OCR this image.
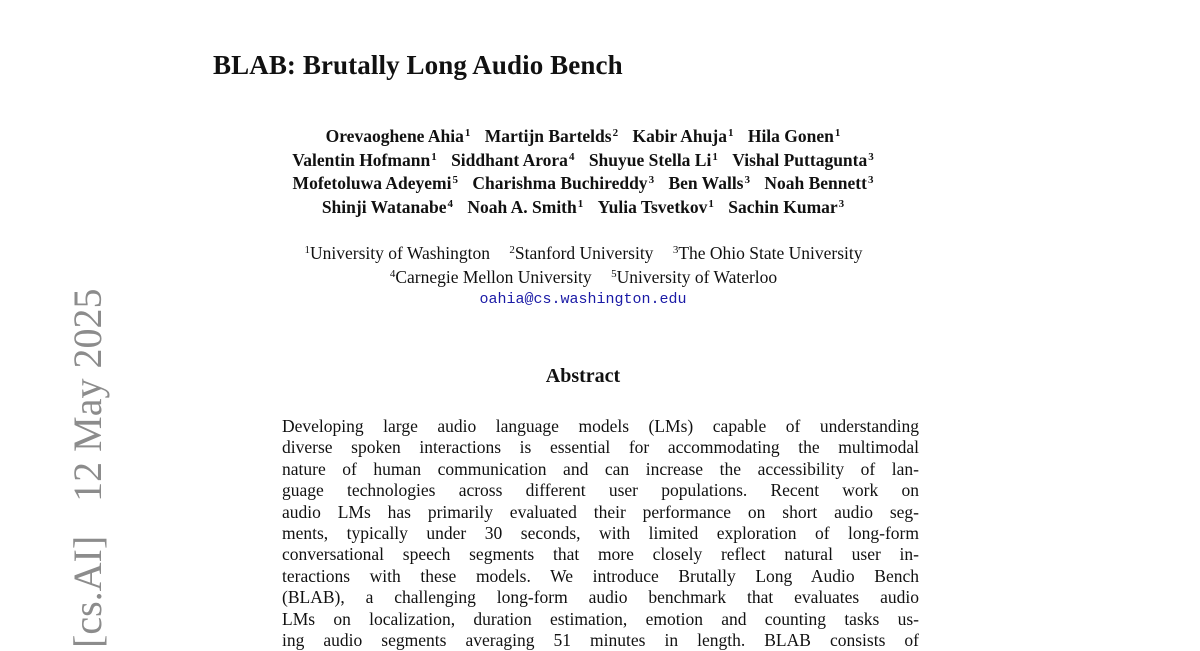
[cs.AI] 12 May 2025
BLAB: Brutally Long Audio Bench
Orevaoghene Ahia$^1$ Martijn Bartelds$^2$ Kabir Ahuja$^1$ Hila Gonen$^1$
Valentin Hofmann$^1$ Siddhant Arora$^4$ Shuyue Stella Li$^1$ Vishal Puttagunta$^3$
Mofetoluwa Adeyemi$^5$ Charishma Buchireddy$^3$ Ben Walls$^3$ Noah Bennett$^3$
Shinji Watanabe$^4$ Noah A. Smith$^1$ Yulia Tsvetkov$^1$ Sachin Kumar$^3$
$^1$University of Washington $^2$Stanford University $^3$The Ohio State University
$^4$Carnegie Mellon University $^5$University of Waterloo
oahia@cs.washington.edu
Abstract
Developing large audio language models (LMs) capable of understanding
diverse spoken interactions is essential for accommodating the multimodal
nature of human communication and can increase the accessibility of lan-
guage technologies across different user populations. Recent work on
audio LMs has primarily evaluated their performance on short audio seg-
ments, typically under 30 seconds, with limited exploration of long-form
conversational speech segments that more closely reflect natural user in-
teractions with these models. We introduce Brutally Long Audio Bench
(BLAB), a challenging long-form audio benchmark that evaluates audio
LMs on localization, duration estimation, emotion and counting tasks us-
ing audio segments averaging 51 minutes in length. BLAB consists of
